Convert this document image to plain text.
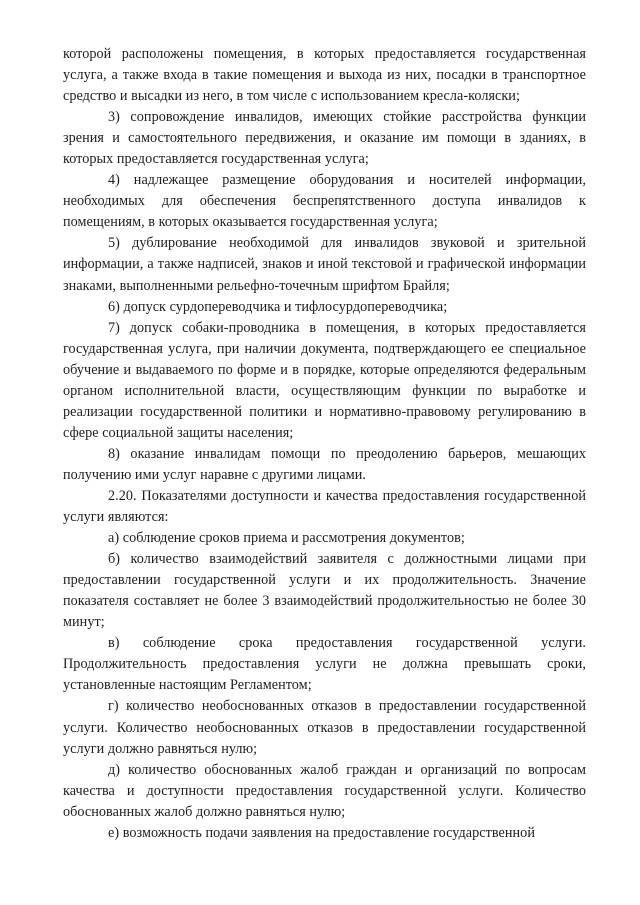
которой расположены помещения, в которых предоставляется государственная услуга, а также входа в такие помещения и выхода из них, посадки в транспортное средство и высадки из него, в том числе с использованием кресла-коляски;

3) сопровождение инвалидов, имеющих стойкие расстройства функции зрения и самостоятельного передвижения, и оказание им помощи в зданиях, в которых предоставляется государственная услуга;

4) надлежащее размещение оборудования и носителей информации, необходимых для обеспечения беспрепятственного доступа инвалидов к помещениям, в которых оказывается государственная услуга;

5) дублирование необходимой для инвалидов звуковой и зрительной информации, а также надписей, знаков и иной текстовой и графической информации знаками, выполненными рельефно-точечным шрифтом Брайля;

6) допуск сурдопереводчика и тифлосурдопереводчика;

7) допуск собаки-проводника в помещения, в которых предоставляется государственная услуга, при наличии документа, подтверждающего ее специальное обучение и выдаваемого по форме и в порядке, которые определяются федеральным органом исполнительной власти, осуществляющим функции по выработке и реализации государственной политики и нормативно-правовому регулированию в сфере социальной защиты населения;

8) оказание инвалидам помощи по преодолению барьеров, мешающих получению ими услуг наравне с другими лицами.

2.20. Показателями доступности и качества предоставления государственной услуги являются:

а) соблюдение сроков приема и рассмотрения документов;

б) количество взаимодействий заявителя с должностными лицами при предоставлении государственной услуги и их продолжительность. Значение показателя составляет не более 3 взаимодействий продолжительностью не более 30 минут;

в) соблюдение срока предоставления государственной услуги. Продолжительность предоставления услуги не должна превышать сроки, установленные настоящим Регламентом;

г) количество необоснованных отказов в предоставлении государственной услуги. Количество необоснованных отказов в предоставлении государственной услуги должно равняться нулю;

д) количество обоснованных жалоб граждан и организаций по вопросам качества и доступности предоставления государственной услуги. Количество обоснованных жалоб должно равняться нулю;

е) возможность подачи заявления на предоставление государственной
